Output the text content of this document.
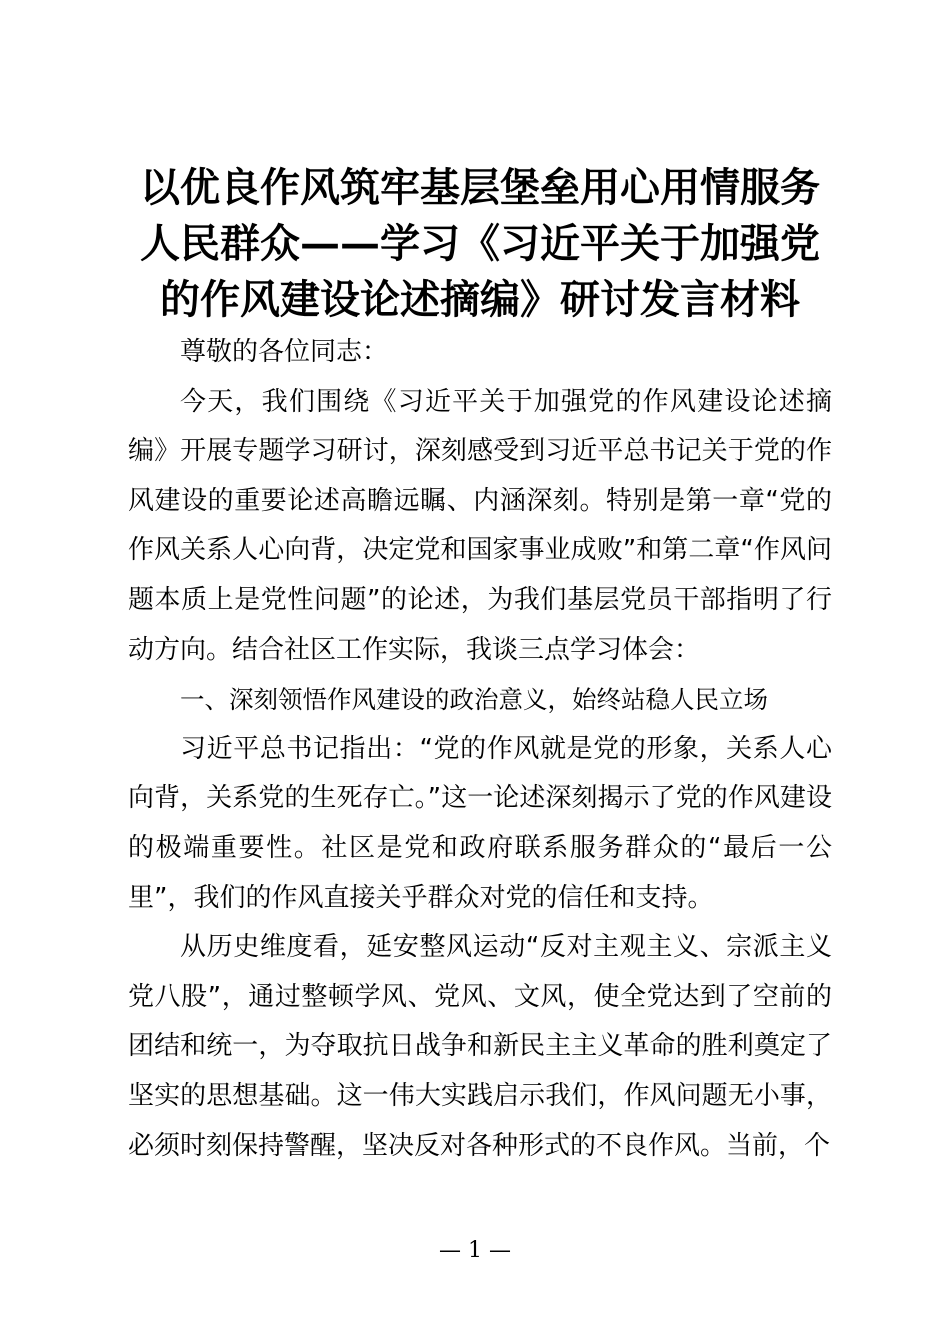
以优良作风筑牢基层堡垒用心用情服务人民群众——学习《习近平关于加强党的作风建设论述摘编》研讨发言材料

尊敬的各位同志：

今天，我们围绕《习近平关于加强党的作风建设论述摘编》开展专题学习研讨，深刻感受到习近平总书记关于党的作风建设的重要论述高瞻远瞩、内涵深刻。特别是第一章“党的作风关系人心向背，决定党和国家事业成败”和第二章“作风问题本质上是党性问题”的论述，为我们基层党员干部指明了行动方向。结合社区工作实际，我谈三点学习体会：

一、深刻领悟作风建设的政治意义，始终站稳人民立场

习近平总书记指出：“党的作风就是党的形象，关系人心向背，关系党的生死存亡。”这一论述深刻揭示了党的作风建设的极端重要性。社区是党和政府联系服务群众的“最后一公里”，我们的作风直接关乎群众对党的信任和支持。

从历史维度看，延安整风运动“反对主观主义、宗派主义党八股”，通过整顿学风、党风、文风，使全党达到了空前的团结和统一，为夺取抗日战争和新民主主义革命的胜利奠定了坚实的思想基础。这一伟大实践启示我们，作风问题无小事，必须时刻保持警醒，坚决反对各种形式的不良作风。当前，个

— 1 —
